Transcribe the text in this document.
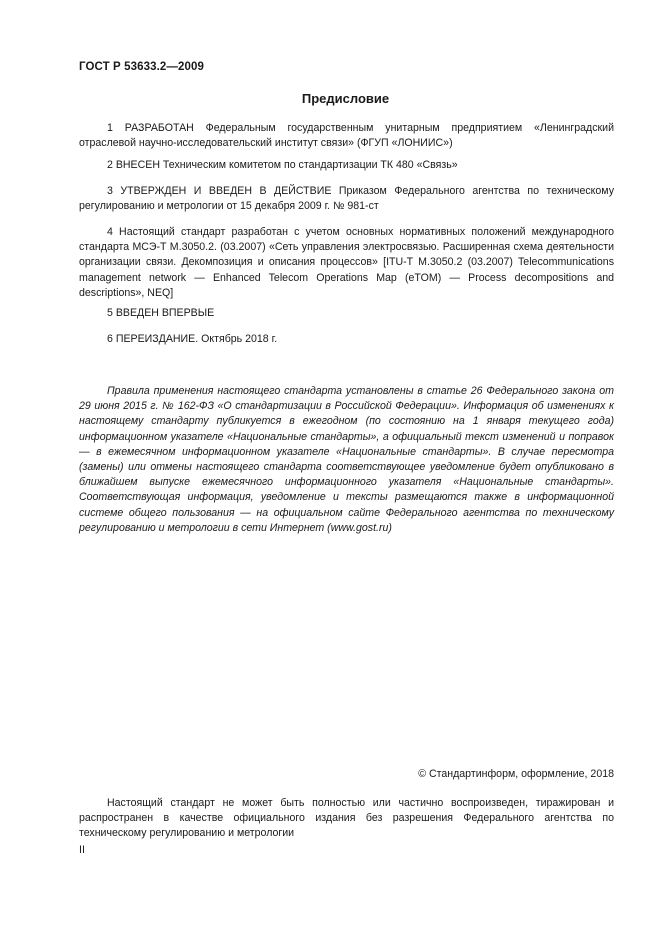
ГОСТ Р 53633.2—2009
Предисловие
1 РАЗРАБОТАН Федеральным государственным унитарным предприятием «Ленинградский отраслевой научно-исследовательский институт связи» (ФГУП «ЛОНИИС»)
2 ВНЕСЕН Техническим комитетом по стандартизации ТК 480 «Связь»
3 УТВЕРЖДЕН И ВВЕДЕН В ДЕЙСТВИЕ Приказом Федерального агентства по техническому регулированию и метрологии от 15 декабря 2009 г. № 981-ст
4 Настоящий стандарт разработан с учетом основных нормативных положений международного стандарта МСЭ-Т М.3050.2. (03.2007) «Сеть управления электросвязью. Расширенная схема деятельности организации связи. Декомпозиция и описания процессов» [ITU-T M.3050.2 (03.2007) Telecommunications management network — Enhanced Telecom Operations Map (eTOM) — Process decompositions and descriptions», NEQ]
5 ВВЕДЕН ВПЕРВЫЕ
6 ПЕРЕИЗДАНИЕ. Октябрь 2018 г.
Правила применения настоящего стандарта установлены в статье 26 Федерального закона от 29 июня 2015 г. № 162-ФЗ «О стандартизации в Российской Федерации». Информация об изменениях к настоящему стандарту публикуется в ежегодном (по состоянию на 1 января текущего года) информационном указателе «Национальные стандарты», а официальный текст изменений и поправок — в ежемесячном информационном указателе «Национальные стандарты». В случае пересмотра (замены) или отмены настоящего стандарта соответствующее уведомление будет опубликовано в ближайшем выпуске ежемесячного информационного указателя «Национальные стандарты». Соответствующая информация, уведомление и тексты размещаются также в информационной системе общего пользования — на официальном сайте Федерального агентства по техническому регулированию и метрологии в сети Интернет (www.gost.ru)
© Стандартинформ, оформление, 2018
Настоящий стандарт не может быть полностью или частично воспроизведен, тиражирован и распространен в качестве официального издания без разрешения Федерального агентства по техническому регулированию и метрологии
II
